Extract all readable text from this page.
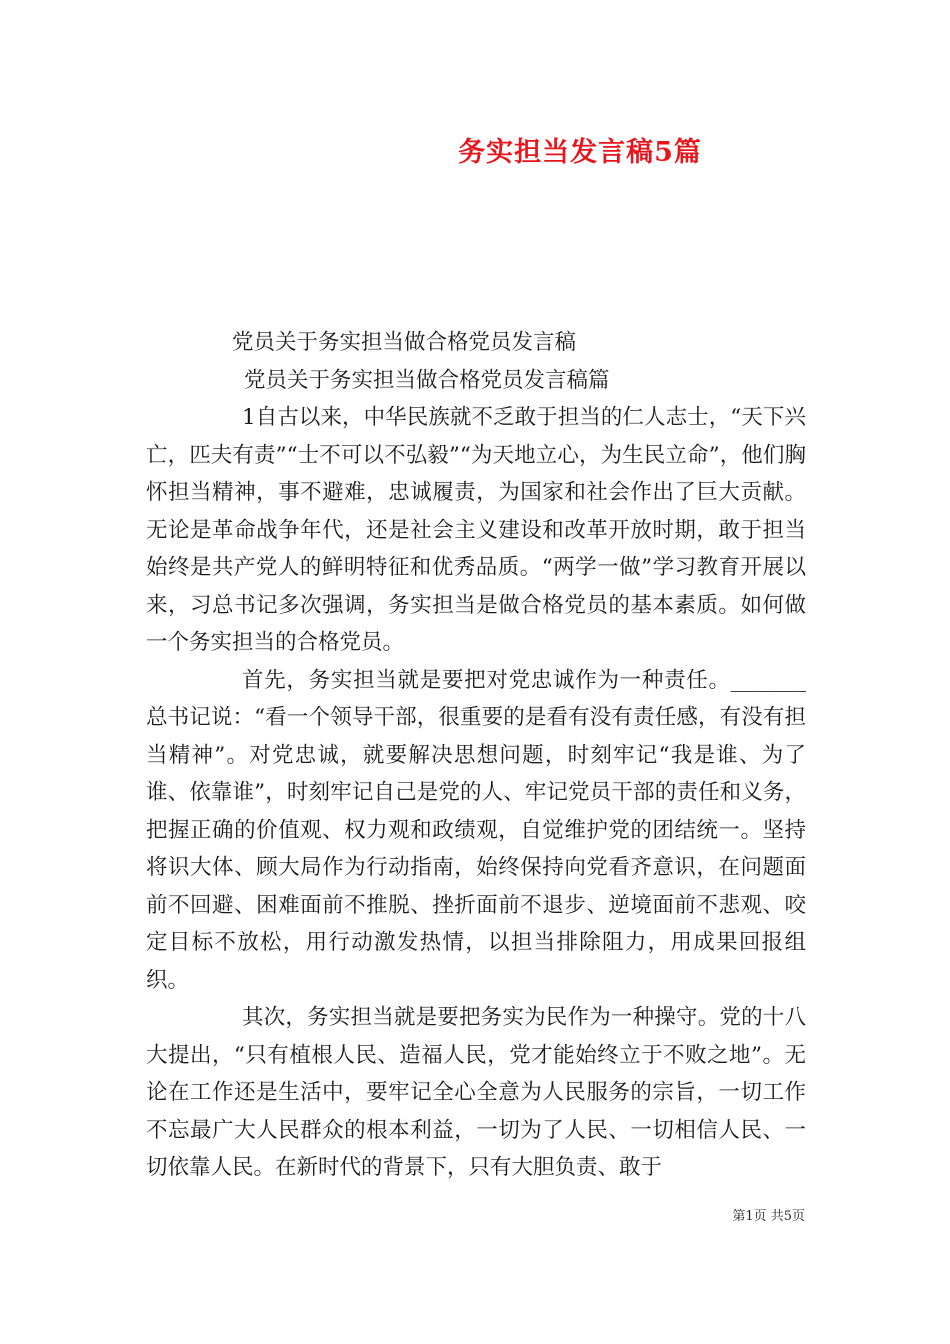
务实担当发言稿5篇

党员关于务实担当做合格党员发言稿

党员关于务实担当做合格党员发言稿篇

1自古以来，中华民族就不乏敢于担当的仁人志士，“天下兴亡，匹夫有责”“士不可以不弘毅”“为天地立心，为生民立命”，他们胸怀担当精神，事不避难，忠诚履责，为国家和社会作出了巨大贡献。无论是革命战争年代，还是社会主义建设和改革开放时期，敢于担当始终是共产党人的鲜明特征和优秀品质。“两学一做”学习教育开展以来，习总书记多次强调，务实担当是做合格党员的基本素质。如何做一个务实担当的合格党员。

首先，务实担当就是要把对党忠诚作为一种责任。_______总书记说：“看一个领导干部，很重要的是看有没有责任感，有没有担当精神”。对党忠诚，就要解决思想问题，时刻牢记“我是谁、为了谁、依靠谁”，时刻牢记自己是党的人、牢记党员干部的责任和义务，把握正确的价值观、权力观和政绩观，自觉维护党的团结统一。坚持将识大体、顾大局作为行动指南，始终保持向党看齐意识，在问题面前不回避、困难面前不推脱、挫折面前不退步、逆境面前不悲观、咬定目标不放松，用行动激发热情，以担当排除阻力，用成果回报组织。

其次，务实担当就是要把务实为民作为一种操守。党的十八大提出，“只有植根人民、造福人民，党才能始终立于不败之地”。无论在工作还是生活中，要牢记全心全意为人民服务的宗旨，一切工作不忘最广大人民群众的根本利益，一切为了人民、一切相信人民、一切依靠人民。在新时代的背景下，只有大胆负责、敢于

第1页 共5页
